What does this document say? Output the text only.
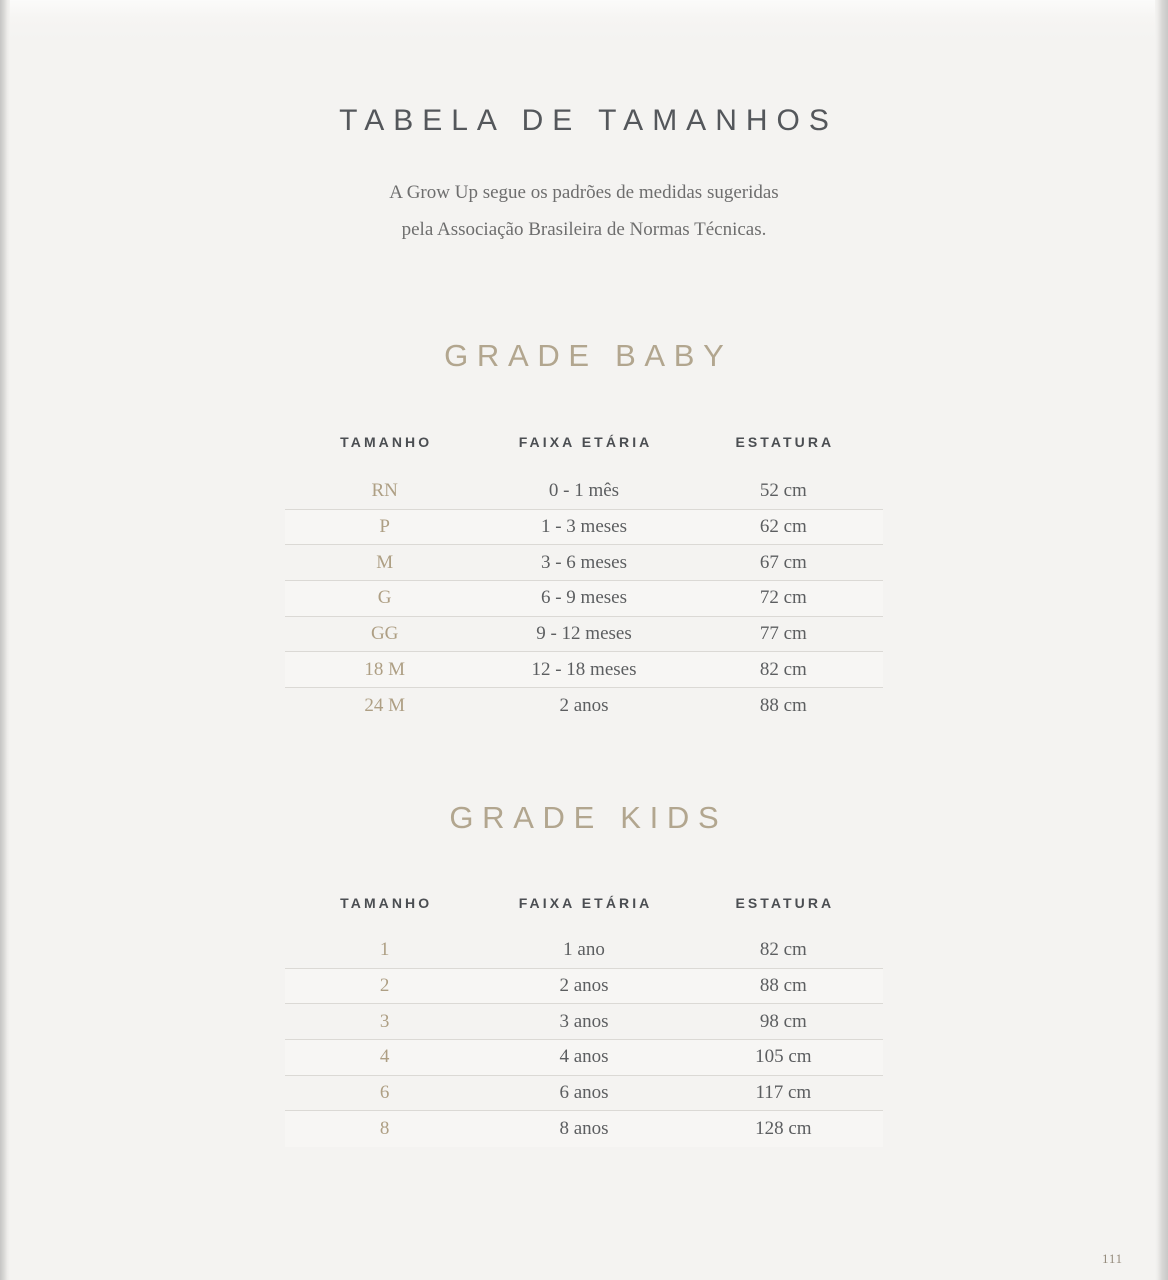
TABELA DE TAMANHOS

A Grow Up segue os padrões de medidas sugeridas
pela Associação Brasileira de Normas Técnicas.

GRADE BABY
TAMANHO	FAIXA ETÁRIA	ESTATURA
RN	0 - 1 mês	52 cm
P	1 - 3 meses	62 cm
M	3 - 6 meses	67 cm
G	6 - 9 meses	72 cm
GG	9 - 12 meses	77 cm
18 M	12 - 18 meses	82 cm
24 M	2 anos	88 cm
GRADE KIDS
TAMANHO	FAIXA ETÁRIA	ESTATURA
1	1 ano	82 cm
2	2 anos	88 cm
3	3 anos	98 cm
4	4 anos	105 cm
6	6 anos	117 cm
8	8 anos	128 cm
111
